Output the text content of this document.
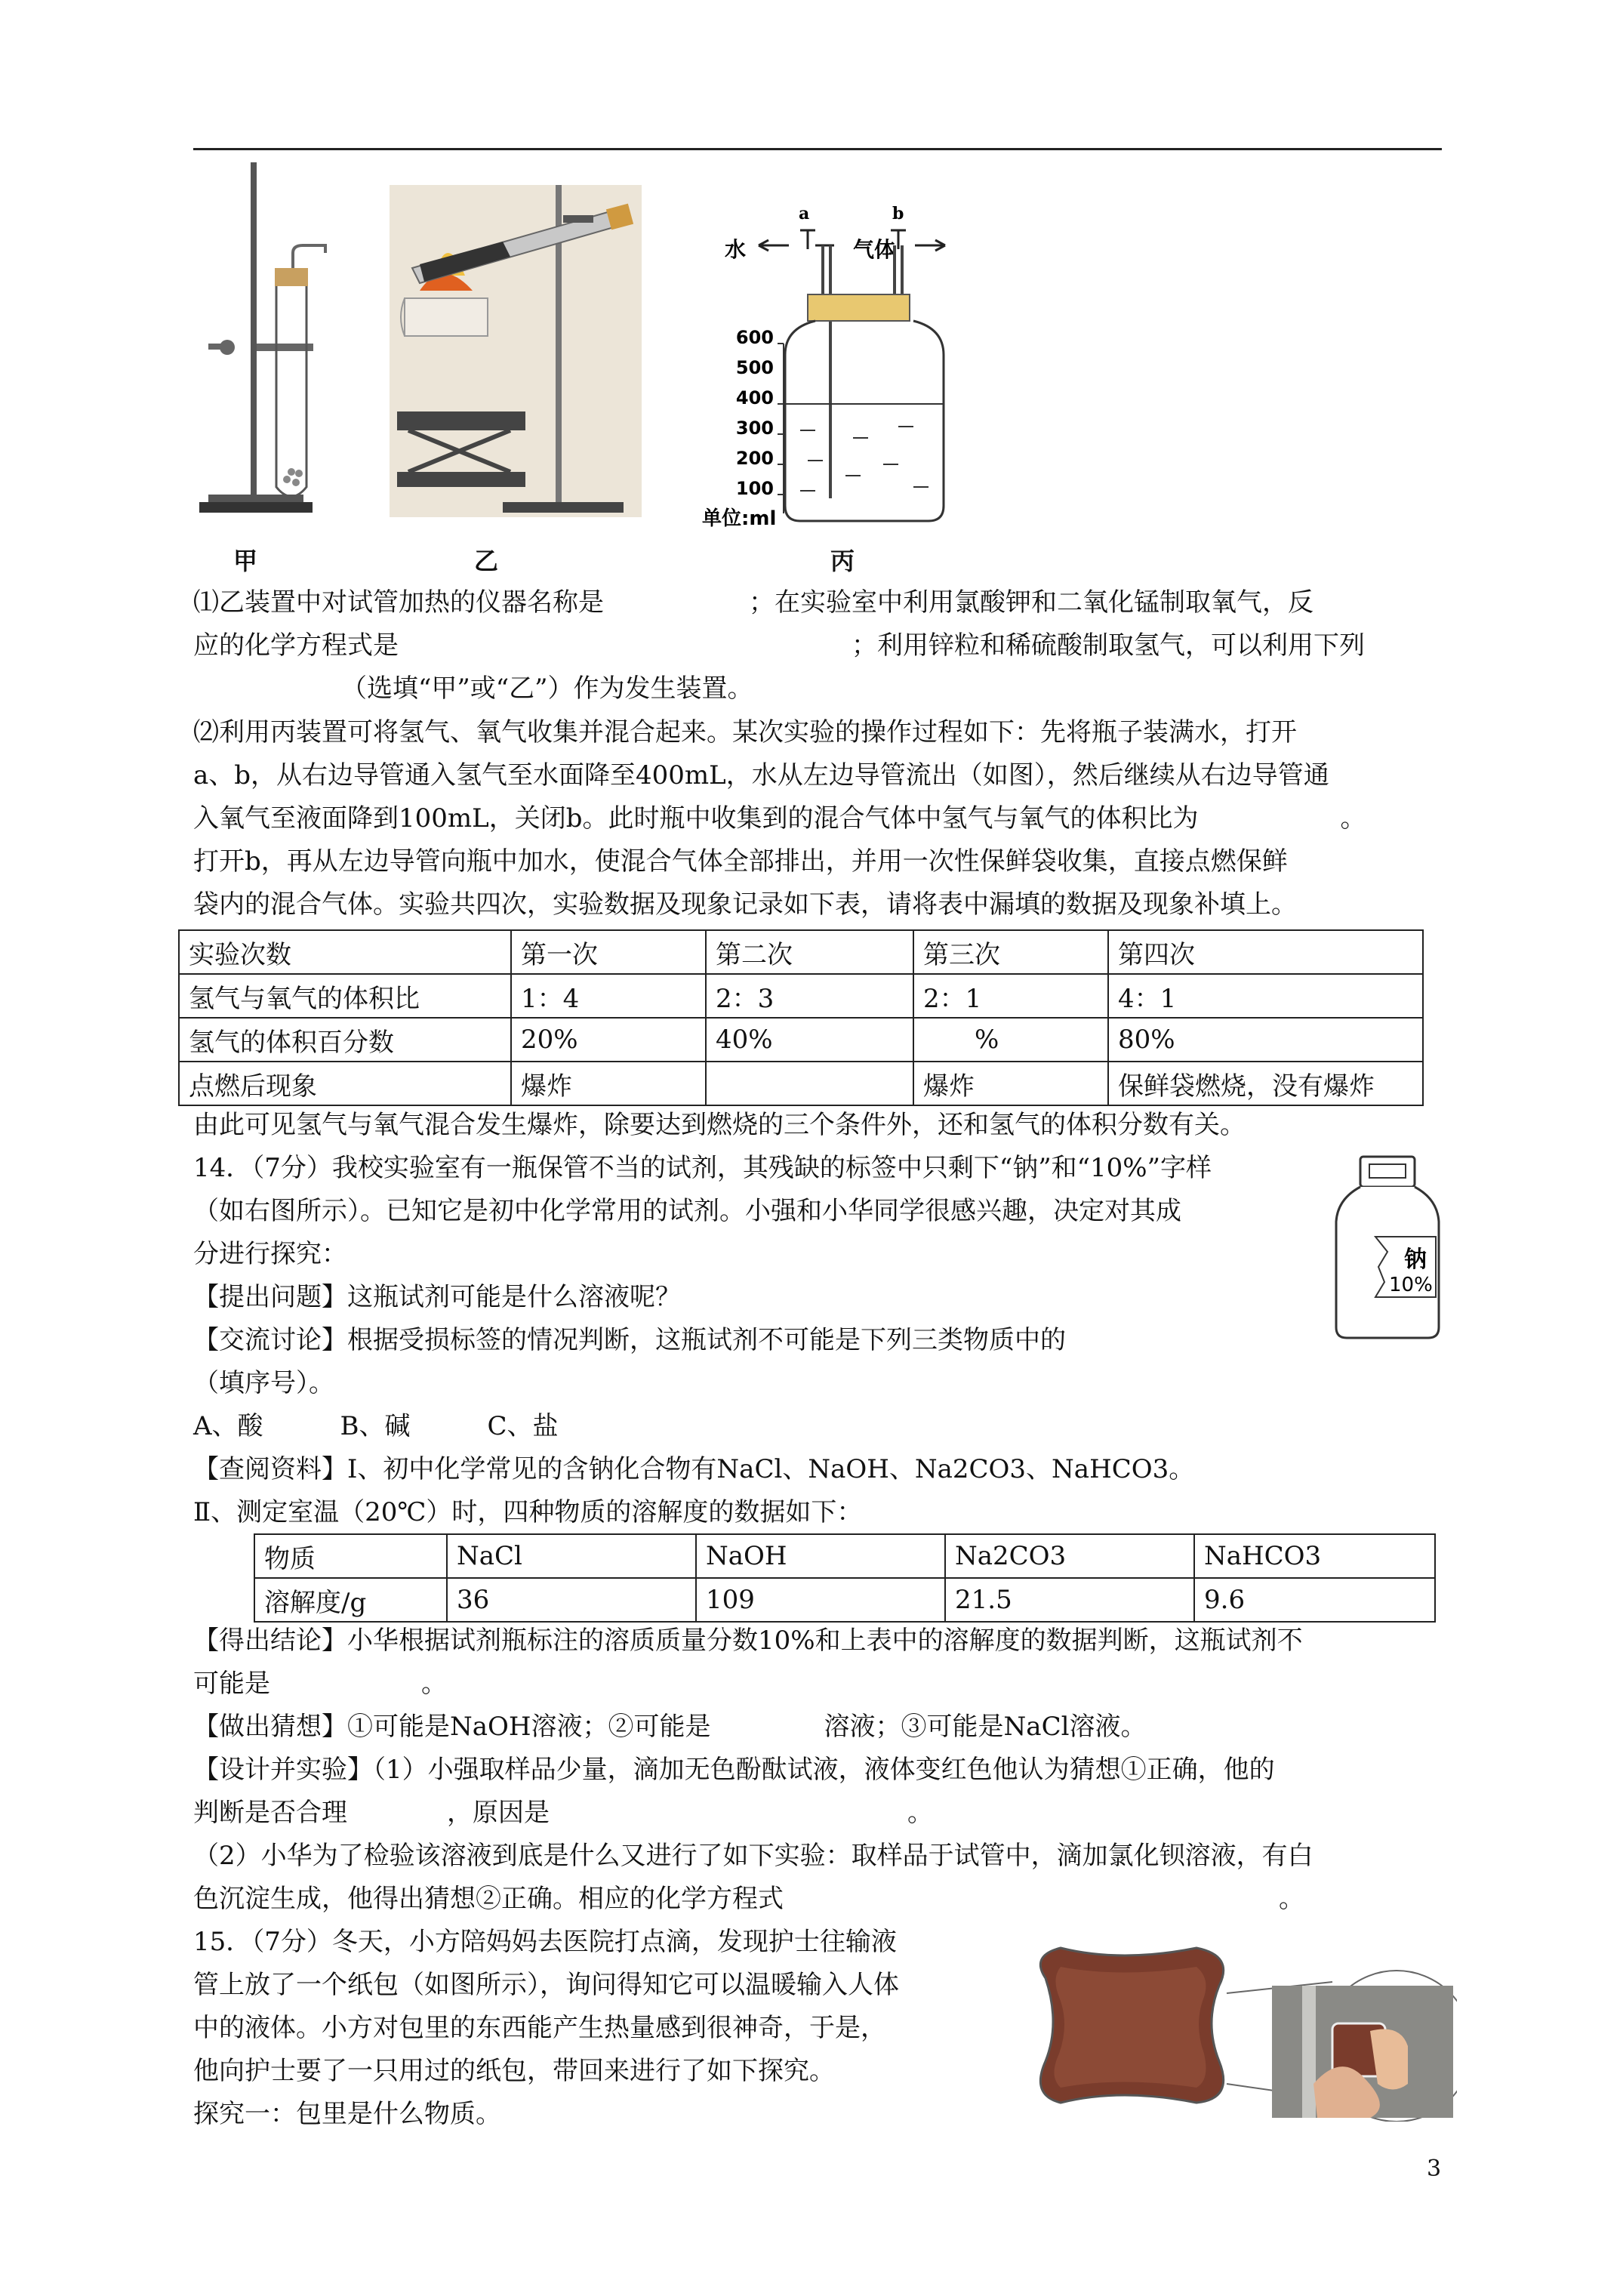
甲	乙
水	气体
a	b
600
500
400
300
200
100
单位:ml
丙
⑴乙装置中对试管加热的仪器名称是	；在实验室中利用氯酸钾和二氧化锰制取氧气，反
应的化学方程式是	；利用锌粒和稀硫酸制取氢气，可以利用下列
（选填“甲”或“乙”）作为发生装置。
⑵利用丙装置可将氢气、氧气收集并混合起来。某次实验的操作过程如下：先将瓶子装满水，打开
a、b，从右边导管通入氢气至水面降至400mL，水从左边导管流出（如图），然后继续从右边导管通
入氧气至液面降到100mL，关闭b。此时瓶中收集到的混合气体中氢气与氧气的体积比为	。
打开b，再从左边导管向瓶中加水，使混合气体全部排出，并用一次性保鲜袋收集，直接点燃保鲜
袋内的混合气体。实验共四次，实验数据及现象记录如下表，请将表中漏填的数据及现象补填上。
实验次数	第一次	第二次	第三次	第四次
氢气与氧气的体积比	1：4	2：3	2：1	4：1
氢气的体积百分数	20%	40%	%	80%
点燃后现象	爆炸		爆炸	保鲜袋燃烧，没有爆炸
由此可见氢气与氧气混合发生爆炸，除要达到燃烧的三个条件外，还和氢气的体积分数有关。
14．（7分）我校实验室有一瓶保管不当的试剂，其残缺的标签中只剩下“钠”和“10%”字样
（如右图所示）。已知它是初中化学常用的试剂。小强和小华同学很感兴趣，决定对其成
分进行探究：
【提出问题】这瓶试剂可能是什么溶液呢？
【交流讨论】根据受损标签的情况判断，这瓶试剂不可能是下列三类物质中的
（填序号）。
A、酸　　　B、碱　　　C、盐
【查阅资料】Ⅰ、初中化学常见的含钠化合物有NaCl、NaOH、Na2CO3、NaHCO3。
Ⅱ、测定室温（20℃）时，四种物质的溶解度的数据如下：
钠
10%
物质	NaCl	NaOH	Na2CO3	NaHCO3
溶解度/g	36	109	21.5	9.6
【得出结论】小华根据试剂瓶标注的溶质质量分数10%和上表中的溶解度的数据判断，这瓶试剂不
可能是	。
【做出猜想】①可能是NaOH溶液；②可能是	溶液；③可能是NaCl溶液。
【设计并实验】（1）小强取样品少量，滴加无色酚酞试液，液体变红色他认为猜想①正确，他的
判断是否合理	，原因是	。
（2）小华为了检验该溶液到底是什么又进行了如下实验：取样品于试管中，滴加氯化钡溶液，有白
色沉淀生成，他得出猜想②正确。相应的化学方程式	。
15．（7分）冬天，小方陪妈妈去医院打点滴，发现护士往输液
管上放了一个纸包（如图所示），询问得知它可以温暖输入人体
中的液体。小方对包里的东西能产生热量感到很神奇，于是，
他向护士要了一只用过的纸包，带回来进行了如下探究。
探究一：包里是什么物质。
3
